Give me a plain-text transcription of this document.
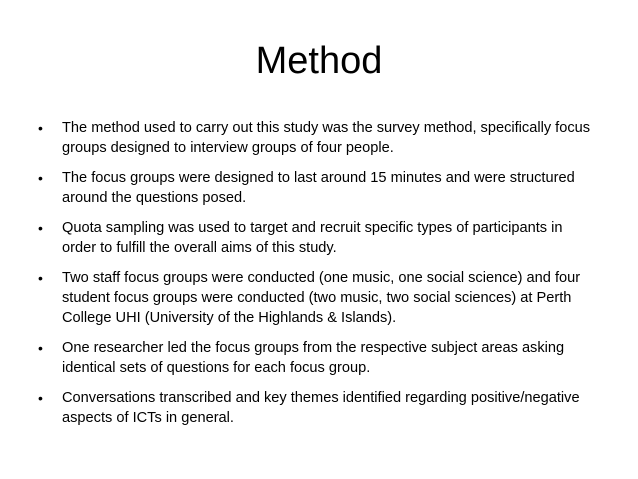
Method
•	The method used to carry out this study was the survey method, specifically focus groups designed to interview groups of four people.
•	The focus groups were designed to last around 15 minutes and were structured around the questions posed.
•	Quota sampling was used to target and recruit specific types of participants in order to fulfill the overall aims of this study.
•	Two staff focus groups were conducted (one music, one social science) and four student focus groups were conducted (two music, two social sciences) at Perth College UHI (University of the Highlands & Islands).
•	One researcher led the focus groups from the respective subject areas asking identical sets of questions for each focus group.
•	Conversations transcribed and key themes identified regarding positive/negative aspects of ICTs in general.
